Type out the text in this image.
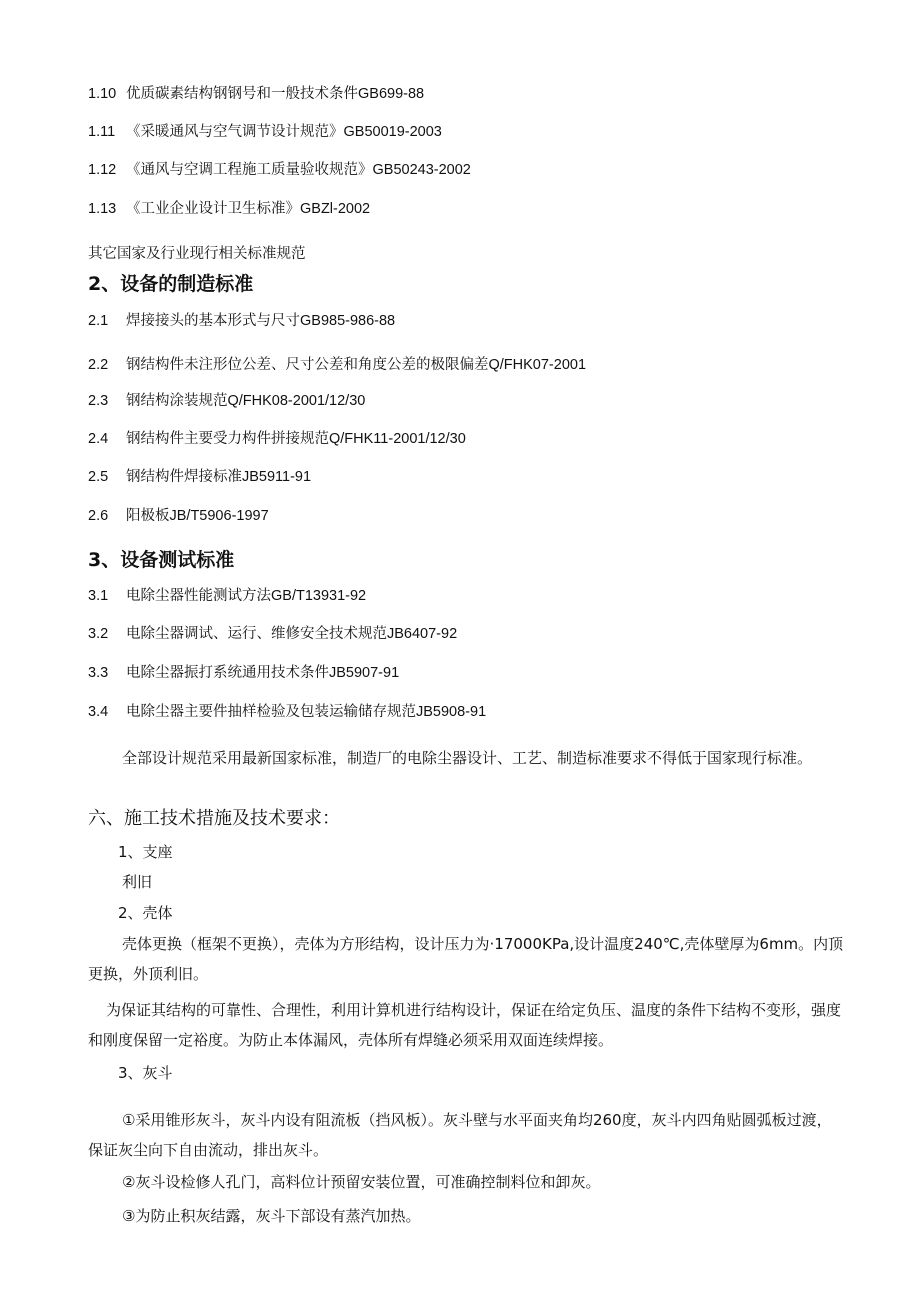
1.10 优质碳素结构钢钢号和一般技术条件GB699-88
1.11 《采暖通风与空气调节设计规范》GB50019-2003
1.12 《通风与空调工程施工质量验收规范》GB50243-2002
1.13 《工业企业设计卫生标准》GBZl-2002
其它国家及行业现行相关标准规范
2、设备的制造标准
2.1 焊接接头的基本形式与尺寸GB985-986-88
2.2 钢结构件未注形位公差、尺寸公差和角度公差的极限偏差Q/FHK07-2001
2.3 钢结构涂装规范Q/FHK08-2001/12/30
2.4 钢结构件主要受力构件拼接规范Q/FHK11-2001/12/30
2.5 钢结构件焊接标准JB5911-91
2.6 阳极板JB/T5906-1997
3、设备测试标准
3.1 电除尘器性能测试方法GB/T13931-92
3.2 电除尘器调试、运行、维修安全技术规范JB6407-92
3.3 电除尘器振打系统通用技术条件JB5907-91
3.4 电除尘器主要件抽样检验及包装运输储存规范JB5908-91
全部设计规范采用最新国家标准，制造厂的电除尘器设计、工艺、制造标准要求不得低于国家现行标准。
六、施工技术措施及技术要求：
1、支座
利旧
2、壳体
壳体更换（框架不更换），壳体为方形结构，设计压力为·17000KPa,设计温度240℃,壳体壁厚为6mm。内顶更换，外顶利旧。
为保证其结构的可靠性、合理性，利用计算机进行结构设计，保证在给定负压、温度的条件下结构不变形，强度和刚度保留一定裕度。为防止本体漏风，壳体所有焊缝必须采用双面连续焊接。
3、灰斗
①采用锥形灰斗，灰斗内设有阻流板（挡风板）。灰斗壁与水平面夹角均260度，灰斗内四角贴圆弧板过渡，保证灰尘向下自由流动，排出灰斗。
②灰斗设检修人孔门，高料位计预留安装位置，可准确控制料位和卸灰。
③为防止积灰结露，灰斗下部设有蒸汽加热。
